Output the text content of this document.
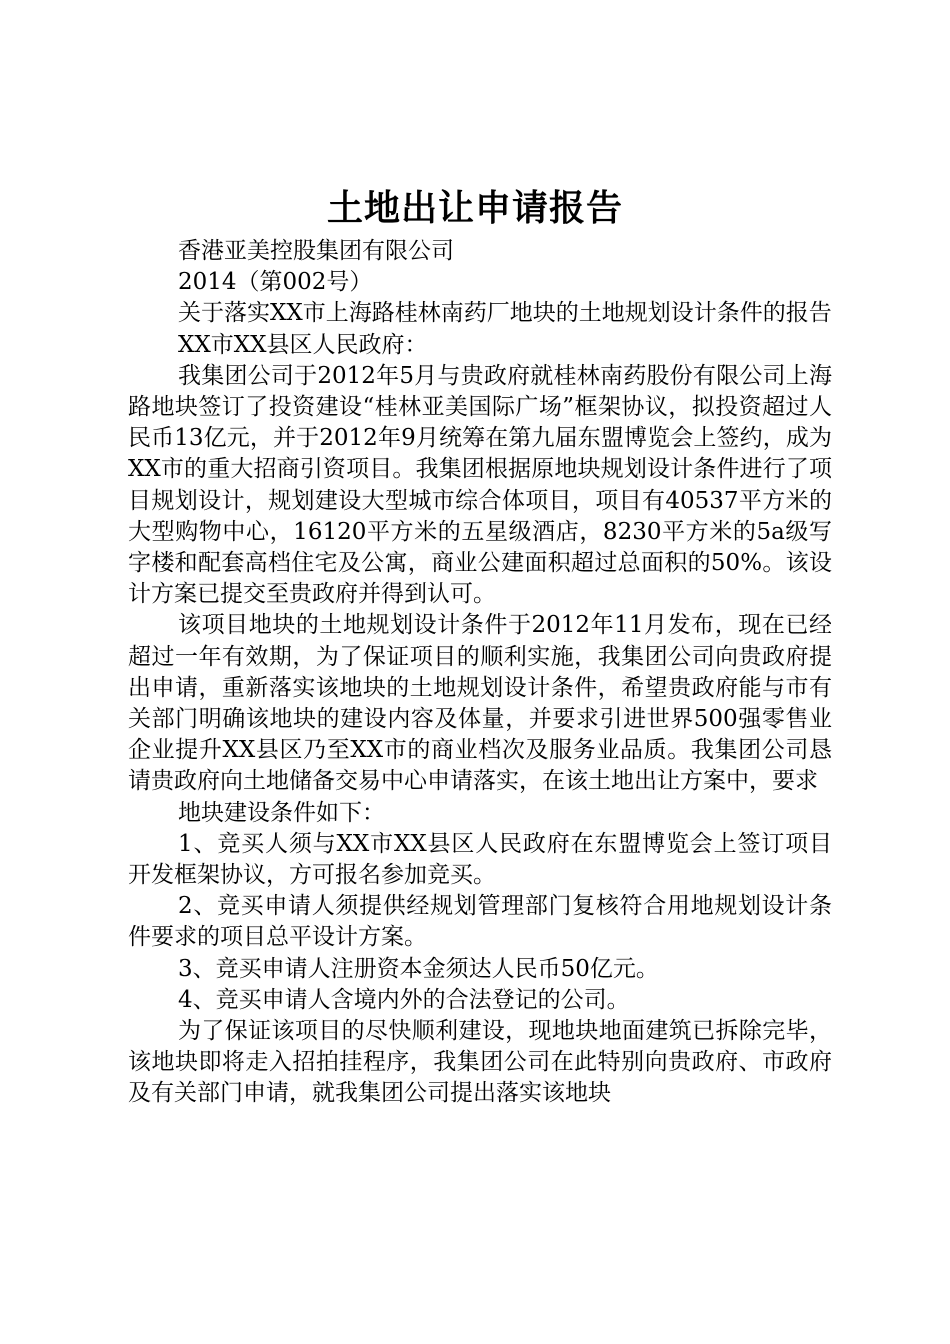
土地出让申请报告

香港亚美控股集团有限公司

2014（第002号）

关于落实XX市上海路桂林南药厂地块的土地规划设计条件的报告

XX市XX县区人民政府：

我集团公司于2012年5月与贵政府就桂林南药股份有限公司上海路地块签订了投资建设“桂林亚美国际广场”框架协议，拟投资超过人民币13亿元，并于2012年9月统筹在第九届东盟博览会上签约，成为XX市的重大招商引资项目。我集团根据原地块规划设计条件进行了项目规划设计，规划建设大型城市综合体项目，项目有40537平方米的大型购物中心，16120平方米的五星级酒店，8230平方米的5a级写字楼和配套高档住宅及公寓，商业公建面积超过总面积的50%。该设计方案已提交至贵政府并得到认可。

该项目地块的土地规划设计条件于2012年11月发布，现在已经超过一年有效期，为了保证项目的顺利实施，我集团公司向贵政府提出申请，重新落实该地块的土地规划设计条件，希望贵政府能与市有关部门明确该地块的建设内容及体量，并要求引进世界500强零售业企业提升XX县区乃至XX市的商业档次及服务业品质。我集团公司恳请贵政府向土地储备交易中心申请落实，在该土地出让方案中，要求

地块建设条件如下：

1、竞买人须与XX市XX县区人民政府在东盟博览会上签订项目开发框架协议，方可报名参加竞买。

2、竞买申请人须提供经规划管理部门复核符合用地规划设计条件要求的项目总平设计方案。

3、竞买申请人注册资本金须达人民币50亿元。

4、竞买申请人含境内外的合法登记的公司。

为了保证该项目的尽快顺利建设，现地块地面建筑已拆除完毕，该地块即将走入招拍挂程序，我集团公司在此特别向贵政府、市政府及有关部门申请，就我集团公司提出落实该地块
